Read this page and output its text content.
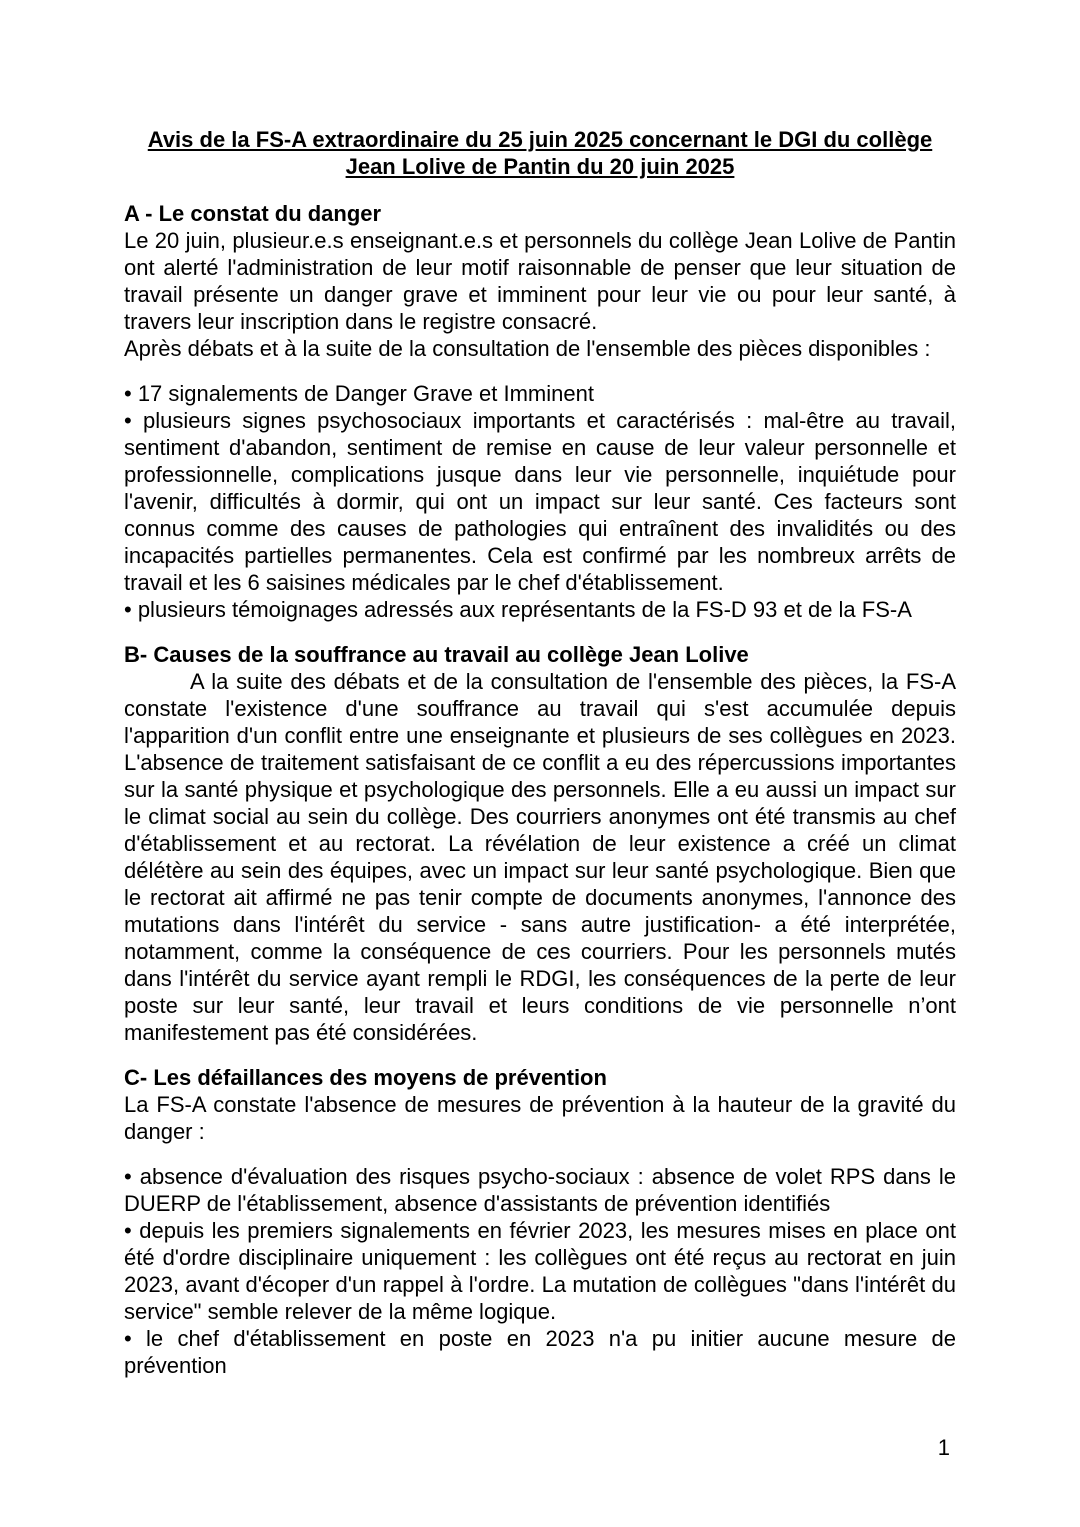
Avis de la FS-A extraordinaire du 25 juin 2025 concernant le DGI du collège
Jean Lolive de Pantin du 20 juin 2025
A - Le constat du danger

Le 20 juin, plusieur.e.s enseignant.e.s et personnels du collège Jean Lolive de Pantin ont alerté l'administration de leur motif raisonnable de penser que leur situation de travail présente un danger grave et imminent pour leur vie ou pour leur santé, à travers leur inscription dans le registre consacré.

Après débats et à la suite de la consultation de l'ensemble des pièces disponibles :

• 17 signalements de Danger Grave et Imminent

• plusieurs signes psychosociaux importants et caractérisés : mal-être au travail, sentiment d'abandon, sentiment de remise en cause de leur valeur personnelle et professionnelle, complications jusque dans leur vie personnelle, inquiétude pour l'avenir, difficultés à dormir, qui ont un impact sur leur santé. Ces facteurs sont connus comme des causes de pathologies qui entraînent des invalidités ou des incapacités partielles permanentes. Cela est confirmé par les nombreux arrêts de travail et les 6 saisines médicales par le chef d'établissement.

• plusieurs témoignages adressés aux représentants de la FS-D 93 et de la FS-A

B- Causes de la souffrance au travail au collège Jean Lolive

A la suite des débats et de la consultation de l'ensemble des pièces, la FS-A constate l'existence d'une souffrance au travail qui s'est accumulée depuis l'apparition d'un conflit entre une enseignante et plusieurs de ses collègues en 2023. L'absence de traitement satisfaisant de ce conflit a eu des répercussions importantes sur la santé physique et psychologique des personnels. Elle a eu aussi un impact sur le climat social au sein du collège. Des courriers anonymes ont été transmis au chef d'établissement et au rectorat. La révélation de leur existence a créé un climat délétère au sein des équipes, avec un impact sur leur santé psychologique. Bien que le rectorat ait affirmé ne pas tenir compte de documents anonymes, l'annonce des mutations dans l'intérêt du service - sans autre justification- a été interprétée, notamment, comme la conséquence de ces courriers. Pour les personnels mutés dans l'intérêt du service ayant rempli le RDGI, les conséquences de la perte de leur poste sur leur santé, leur travail et leurs conditions de vie personnelle n’ont manifestement pas été considérées.

C- Les défaillances des moyens de prévention

La FS-A constate l'absence de mesures de prévention à la hauteur de la gravité du danger :

• absence d'évaluation des risques psycho-sociaux : absence de volet RPS dans le DUERP de l'établissement, absence d'assistants de prévention identifiés

• depuis les premiers signalements en février 2023, les mesures mises en place ont été d'ordre disciplinaire uniquement : les collègues ont été reçus au rectorat en juin 2023, avant d'écoper d'un rappel à l'ordre. La mutation de collègues "dans l'intérêt du service" semble relever de la même logique.

• le chef d'établissement en poste en 2023 n'a pu initier aucune mesure de prévention

1
